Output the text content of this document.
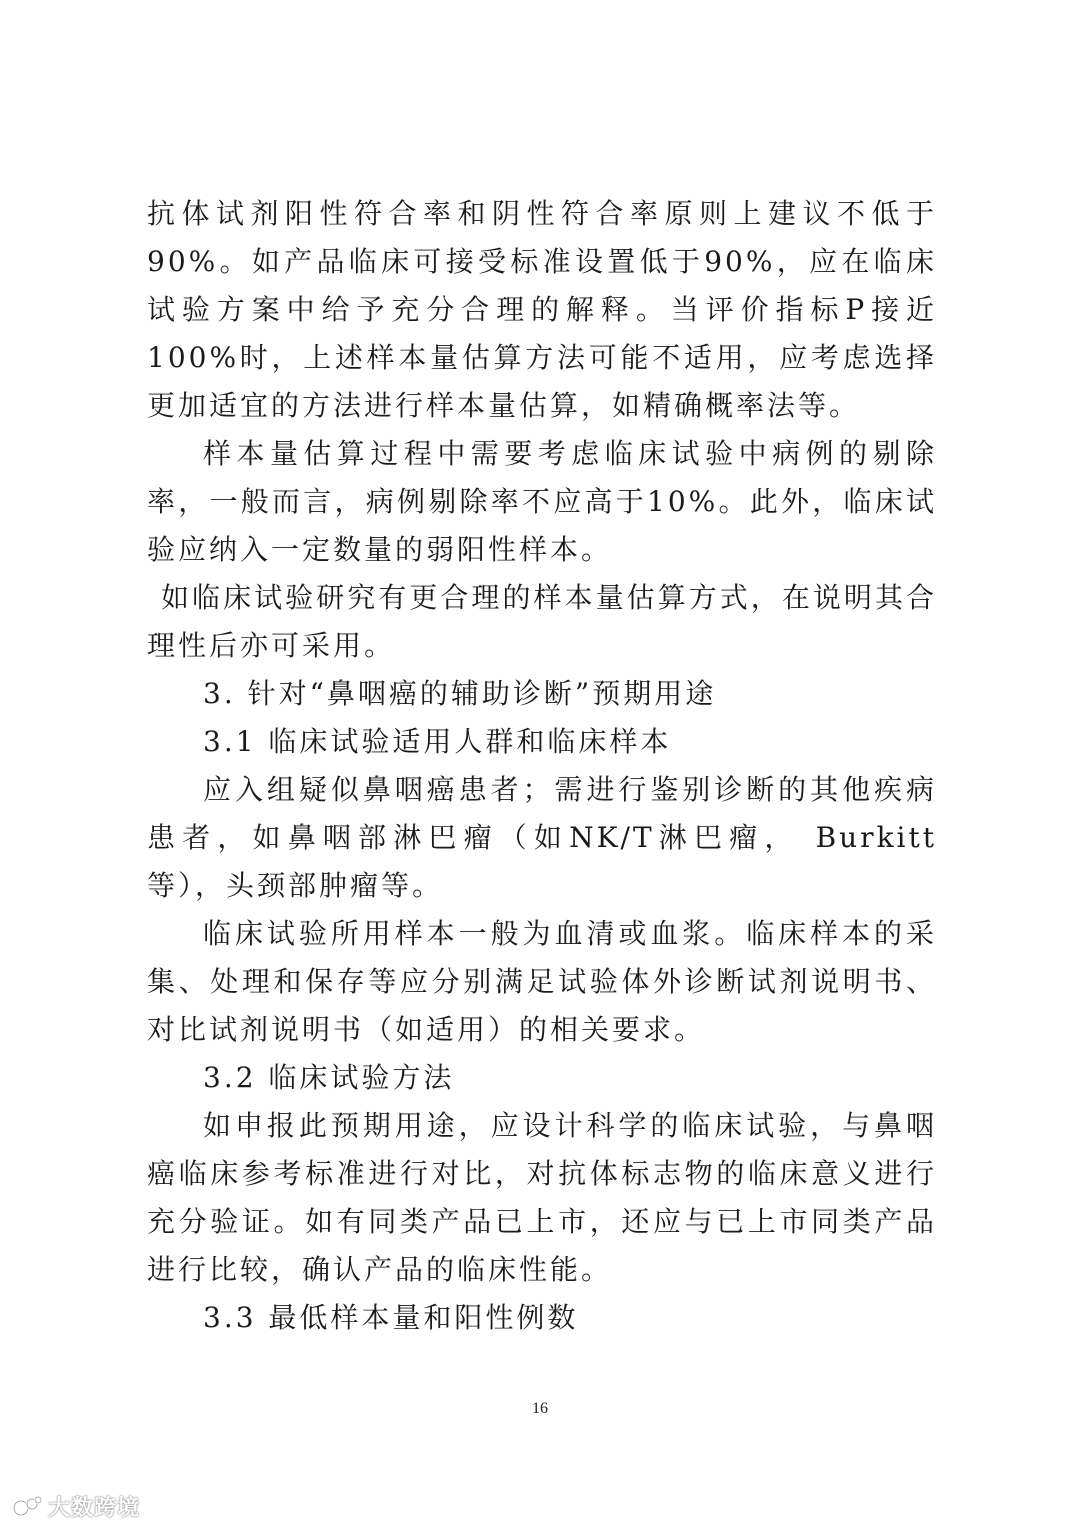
抗体试剂阳性符合率和阴性符合率原则上建议不低于90%。如产品临床可接受标准设置低于90%，应在临床试验方案中给予充分合理的解释。当评价指标P接近100%时，上述样本量估算方法可能不适用，应考虑选择更加适宜的方法进行样本量估算，如精确概率法等。

样本量估算过程中需要考虑临床试验中病例的剔除率，一般而言，病例剔除率不应高于10%。此外，临床试验应纳入一定数量的弱阳性样本。

如临床试验研究有更合理的样本量估算方式，在说明其合理性后亦可采用。

3. 针对“鼻咽癌的辅助诊断”预期用途

3.1 临床试验适用人群和临床样本

应入组疑似鼻咽癌患者；需进行鉴别诊断的其他疾病患者，如鼻咽部淋巴瘤（如NK/T淋巴瘤， Burkitt等），头颈部肿瘤等。

临床试验所用样本一般为血清或血浆。临床样本的采集、处理和保存等应分别满足试验体外诊断试剂说明书、对比试剂说明书（如适用）的相关要求。

3.2 临床试验方法

如申报此预期用途，应设计科学的临床试验，与鼻咽癌临床参考标准进行对比，对抗体标志物的临床意义进行充分验证。如有同类产品已上市，还应与已上市同类产品进行比较，确认产品的临床性能。

3.3 最低样本量和阳性例数

16
大数跨境
